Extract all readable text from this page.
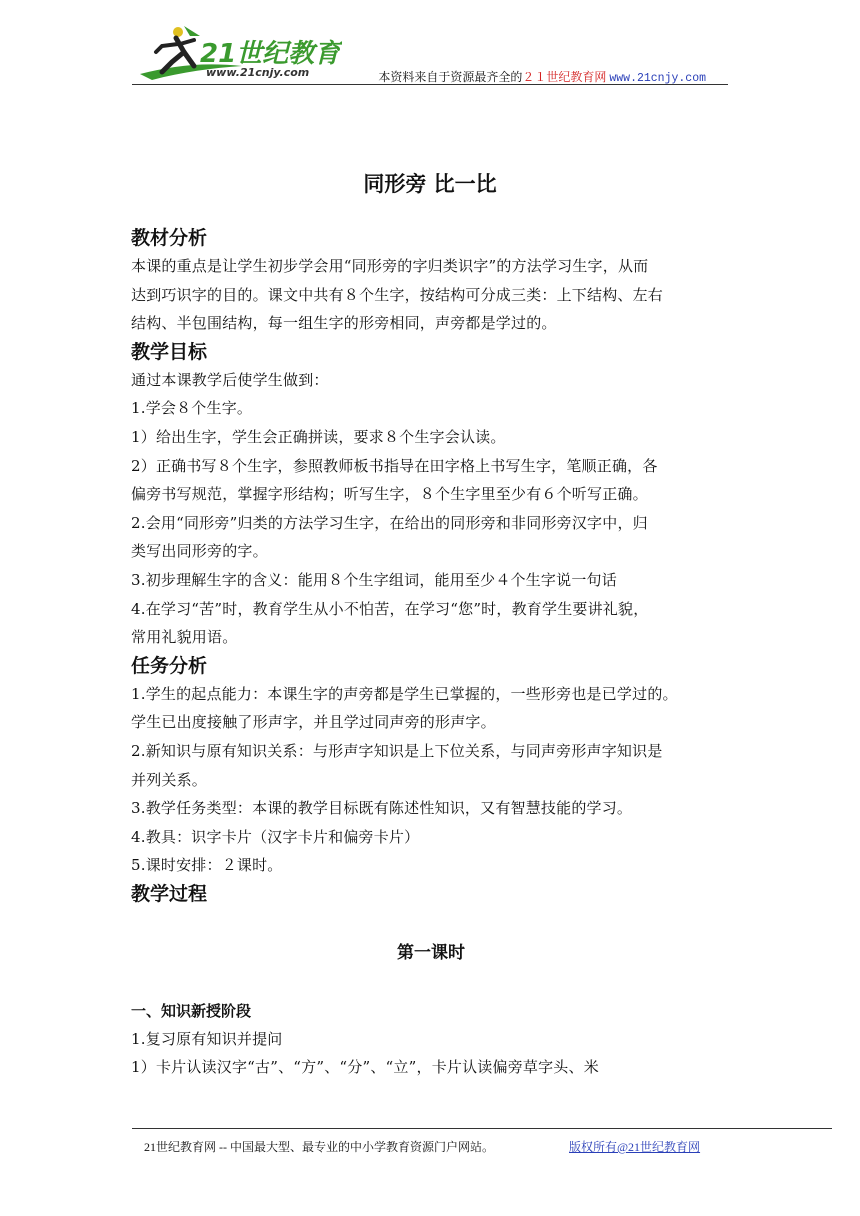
21世纪教育
www.21cnjy.com	本资料来自于资源最齐全的２１世纪教育网 www.21cnjy.com
同形旁 比一比

教材分析

本课的重点是让学生初步学会用“同形旁的字归类识字”的方法学习生字，从而

达到巧识字的目的。课文中共有８个生字，按结构可分成三类：上下结构、左右

结构、半包围结构，每一组生字的形旁相同，声旁都是学过的。

教学目标

通过本课教学后使学生做到：

1.学会８个生字。

1）给出生字，学生会正确拼读，要求８个生字会认读。

2）正确书写８个生字，参照教师板书指导在田字格上书写生字，笔顺正确，各

偏旁书写规范，掌握字形结构；听写生字，８个生字里至少有６个听写正确。

2.会用“同形旁”归类的方法学习生字，在给出的同形旁和非同形旁汉字中，归

类写出同形旁的字。

3.初步理解生字的含义：能用８个生字组词，能用至少４个生字说一句话

4.在学习“苦”时，教育学生从小不怕苦，在学习“您”时，教育学生要讲礼貌，

常用礼貌用语。

任务分析

1.学生的起点能力：本课生字的声旁都是学生已掌握的，一些形旁也是已学过的。

学生已出度接触了形声字，并且学过同声旁的形声字。

2.新知识与原有知识关系：与形声字知识是上下位关系，与同声旁形声字知识是

并列关系。

3.教学任务类型：本课的教学目标既有陈述性知识，又有智慧技能的学习。

4.教具：识字卡片（汉字卡片和偏旁卡片）

5.课时安排：２课时。

教学过程

第一课时

一、知识新授阶段

1.复习原有知识并提问

1）卡片认读汉字“古”、“方”、“分”、“立”，卡片认读偏旁草字头、米

21世纪教育网 -- 中国最大型、最专业的中小学教育资源门户网站。	版权所有@21世纪教育网
